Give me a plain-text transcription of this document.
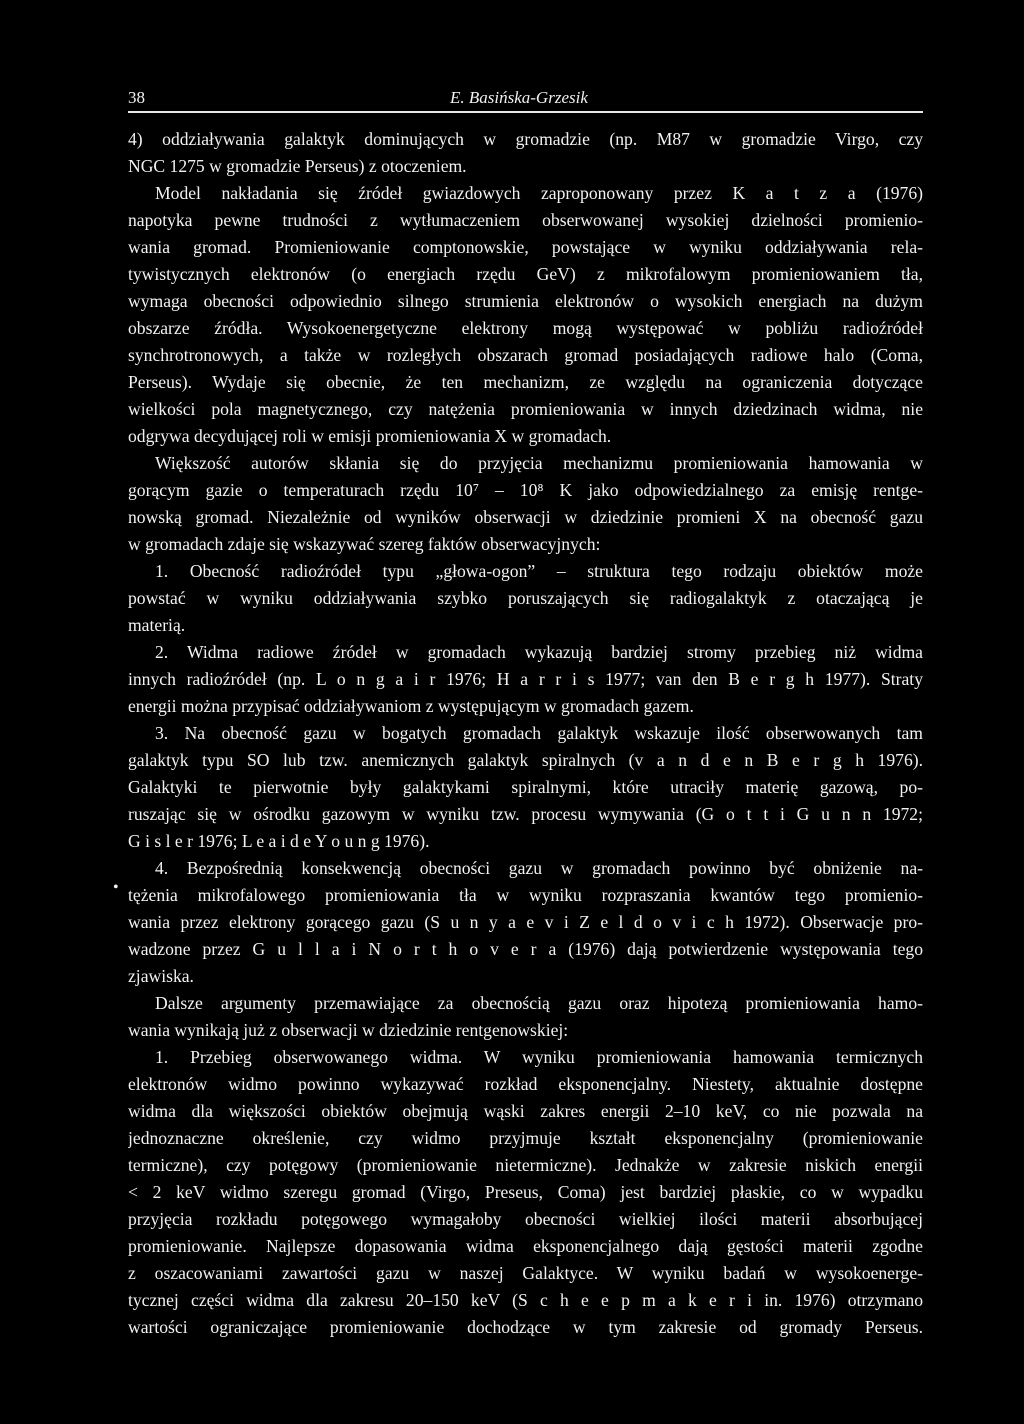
38	E. Basińska-Grzesik
•
4) oddziaływania galaktyk dominujących w gromadzie (np. M87 w gromadzie Virgo, czy
NGC 1275 w gromadzie Perseus) z otoczeniem.
Model nakładania się źródeł gwiazdowych zaproponowany przez K a t z a (1976)
napotyka pewne trudności z wytłumaczeniem obserwowanej wysokiej dzielności promienio-
wania gromad. Promieniowanie comptonowskie, powstające w wyniku oddziaływania rela-
tywistycznych elektronów (o energiach rzędu GeV) z mikrofalowym promieniowaniem tła,
wymaga obecności odpowiednio silnego strumienia elektronów o wysokich energiach na dużym
obszarze źródła. Wysokoenergetyczne elektrony mogą występować w pobliżu radioźródeł
synchrotronowych, a także w rozległych obszarach gromad posiadających radiowe halo (Coma,
Perseus). Wydaje się obecnie, że ten mechanizm, ze względu na ograniczenia dotyczące
wielkości pola magnetycznego, czy natężenia promieniowania w innych dziedzinach widma, nie
odgrywa decydującej roli w emisji promieniowania X w gromadach.
Większość autorów skłania się do przyjęcia mechanizmu promieniowania hamowania w
gorącym gazie o temperaturach rzędu 10⁷ – 10⁸ K jako odpowiedzialnego za emisję rentge-
nowską gromad. Niezależnie od wyników obserwacji w dziedzinie promieni X na obecność gazu
w gromadach zdaje się wskazywać szereg faktów obserwacyjnych:
1. Obecność radioźródeł typu „głowa-ogon” – struktura tego rodzaju obiektów może
powstać w wyniku oddziaływania szybko poruszających się radiogalaktyk z otaczającą je
materią.
2. Widma radiowe źródeł w gromadach wykazują bardziej stromy przebieg niż widma
innych radioźródeł (np. L o n g a i r 1976; H a r r i s 1977; van den B e r g h 1977). Straty
energii można przypisać oddziaływaniom z występującym w gromadach gazem.
3. Na obecność gazu w bogatych gromadach galaktyk wskazuje ilość obserwowanych tam
galaktyk typu SO lub tzw. anemicznych galaktyk spiralnych (v a n d e n B e r g h 1976).
Galaktyki te pierwotnie były galaktykami spiralnymi, które utraciły materię gazową, po-
ruszając się w ośrodku gazowym w wyniku tzw. procesu wymywania (G o t t i G u n n 1972;
G i s l e r 1976; L e a i d e Y o u n g 1976).
4. Bezpośrednią konsekwencją obecności gazu w gromadach powinno być obniżenie na-
tężenia mikrofalowego promieniowania tła w wyniku rozpraszania kwantów tego promienio-
wania przez elektrony gorącego gazu (S u n y a e v i Z e l d o v i c h 1972). Obserwacje pro-
wadzone przez G u l l a i N o r t h o v e r a (1976) dają potwierdzenie występowania tego
zjawiska.
Dalsze argumenty przemawiające za obecnością gazu oraz hipotezą promieniowania hamo-
wania wynikają już z obserwacji w dziedzinie rentgenowskiej:
1. Przebieg obserwowanego widma. W wyniku promieniowania hamowania termicznych
elektronów widmo powinno wykazywać rozkład eksponencjalny. Niestety, aktualnie dostępne
widma dla większości obiektów obejmują wąski zakres energii 2–10 keV, co nie pozwala na
jednoznaczne określenie, czy widmo przyjmuje kształt eksponencjalny (promieniowanie
termiczne), czy potęgowy (promieniowanie nietermiczne). Jednakże w zakresie niskich energii
< 2 keV widmo szeregu gromad (Virgo, Preseus, Coma) jest bardziej płaskie, co w wypadku
przyjęcia rozkładu potęgowego wymagałoby obecności wielkiej ilości materii absorbującej
promieniowanie. Najlepsze dopasowania widma eksponencjalnego dają gęstości materii zgodne
z oszacowaniami zawartości gazu w naszej Galaktyce. W wyniku badań w wysokoenerge-
tycznej części widma dla zakresu 20–150 keV (S c h e e p m a k e r i in. 1976) otrzymano
wartości ograniczające promieniowanie dochodzące w tym zakresie od gromady Perseus.
